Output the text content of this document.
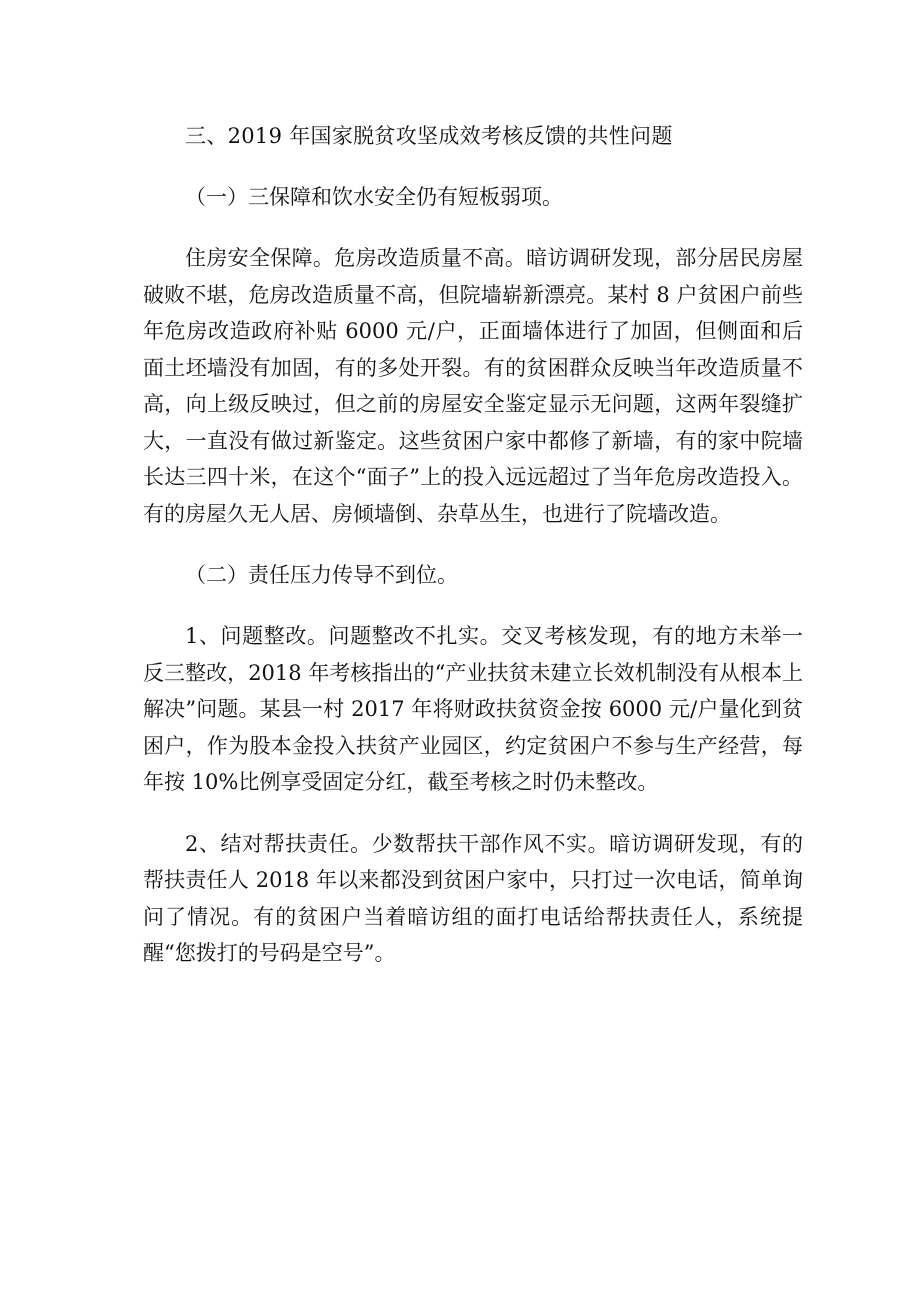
三、2019 年国家脱贫攻坚成效考核反馈的共性问题
（一）三保障和饮水安全仍有短板弱项。

住房安全保障。危房改造质量不高。暗访调研发现，部分居民房屋破败不堪，危房改造质量不高，但院墙崭新漂亮。某村 8 户贫困户前些年危房改造政府补贴 6000 元/户，正面墙体进行了加固，但侧面和后面土坯墙没有加固，有的多处开裂。有的贫困群众反映当年改造质量不高，向上级反映过，但之前的房屋安全鉴定显示无问题，这两年裂缝扩大，一直没有做过新鉴定。这些贫困户家中都修了新墙，有的家中院墙长达三四十米，在这个“面子”上的投入远远超过了当年危房改造投入。有的房屋久无人居、房倾墙倒、杂草丛生，也进行了院墙改造。

（二）责任压力传导不到位。

1、问题整改。问题整改不扎实。交叉考核发现，有的地方未举一反三整改，2018 年考核指出的“产业扶贫未建立长效机制没有从根本上解决”问题。某县一村 2017 年将财政扶贫资金按 6000 元/户量化到贫困户，作为股本金投入扶贫产业园区，约定贫困户不参与生产经营，每年按 10%比例享受固定分红，截至考核之时仍未整改。

2、结对帮扶责任。少数帮扶干部作风不实。暗访调研发现，有的帮扶责任人 2018 年以来都没到贫困户家中，只打过一次电话，简单询问了情况。有的贫困户当着暗访组的面打电话给帮扶责任人，系统提醒“您拨打的号码是空号”。
